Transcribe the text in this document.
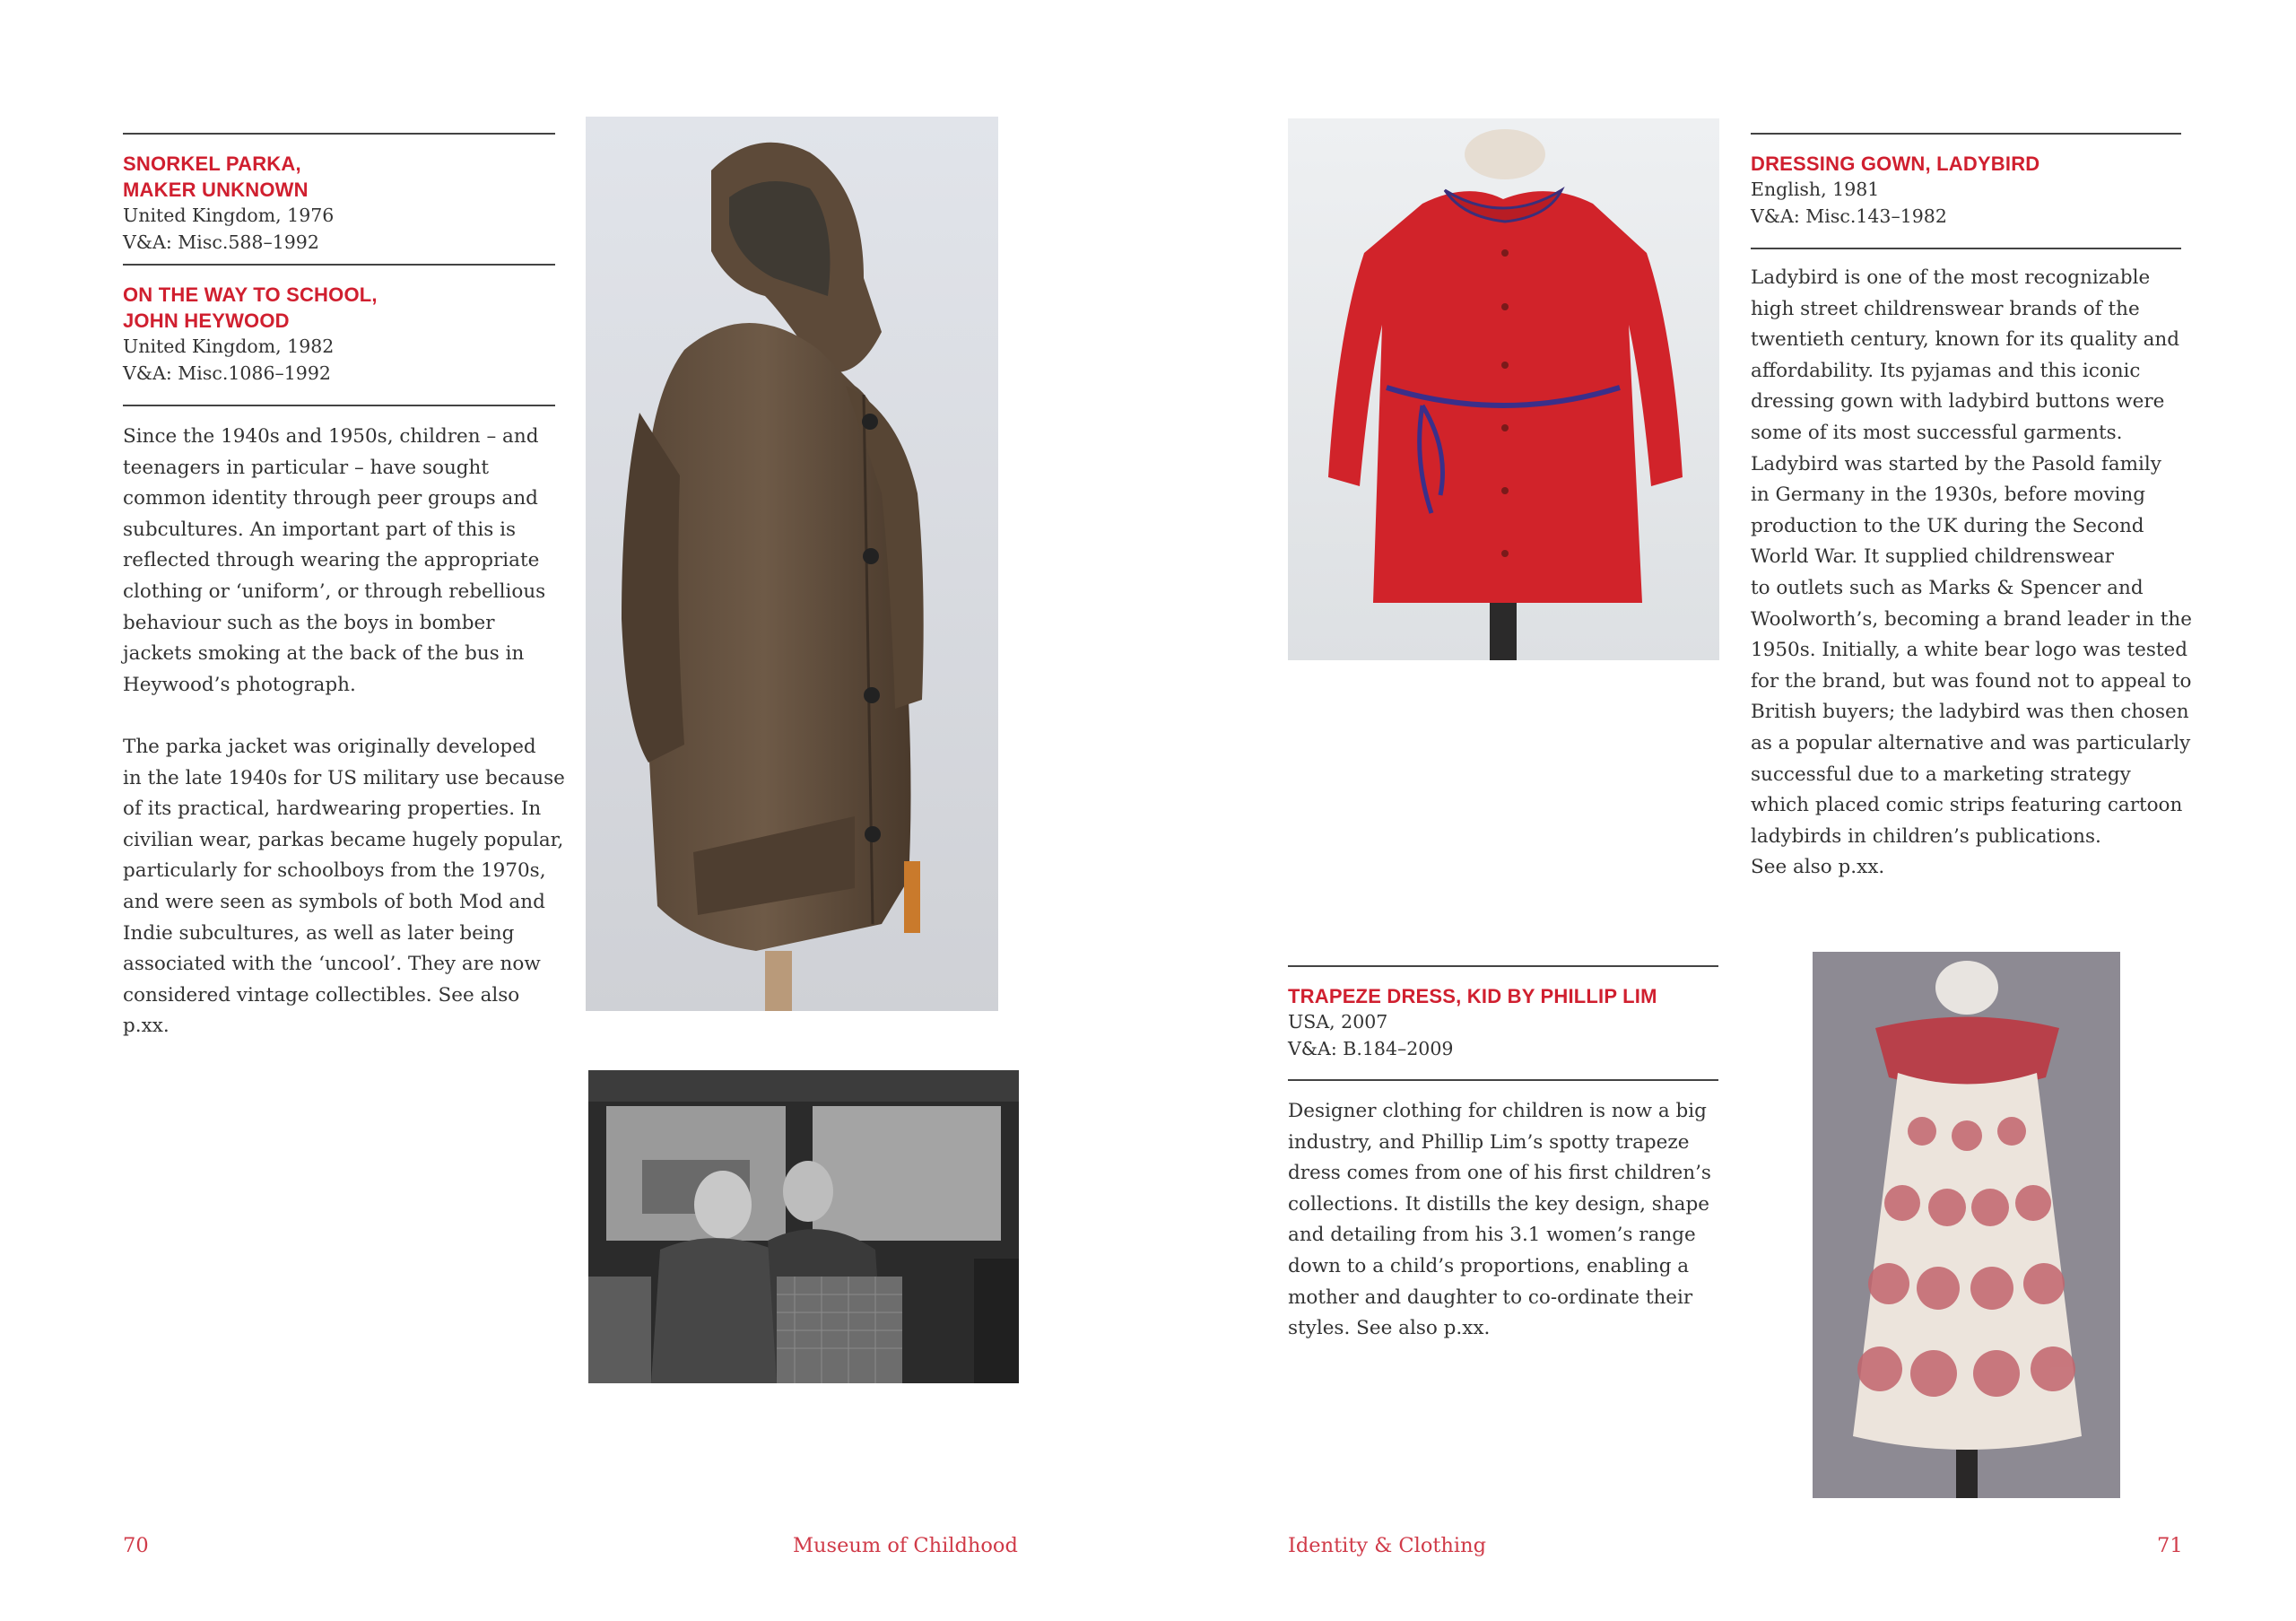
SNORKEL PARKA,
MAKER UNKNOWN
United Kingdom, 1976
V&A: Misc.588–1992
ON THE WAY TO SCHOOL,
JOHN HEYWOOD
United Kingdom, 1982
V&A: Misc.1086–1992
Since the 1940s and 1950s, children – and
teenagers in particular – have sought
common identity through peer groups and
subcultures. An important part of this is
reflected through wearing the appropriate
clothing or ‘uniform’, or through rebellious
behaviour such as the boys in bomber
jackets smoking at the back of the bus in
Heywood’s photograph.
The parka jacket was originally developed
in the late 1940s for US military use because
of its practical, hardwearing properties. In
civilian wear, parkas became hugely popular,
particularly for schoolboys from the 1970s,
and were seen as symbols of both Mod and
Indie subcultures, as well as later being
associated with the ‘uncool’. They are now
considered vintage collectibles. See also p.xx.
70	Museum of Childhood
DRESSING GOWN, LADYBIRD
English, 1981
V&A: Misc.143–1982
Ladybird is one of the most recognizable
high street childrenswear brands of the
twentieth century, known for its quality and
affordability. Its pyjamas and this iconic
dressing gown with ladybird buttons were
some of its most successful garments.
Ladybird was started by the Pasold family
in Germany in the 1930s, before moving
production to the UK during the Second
World War. It supplied childrenswear
to outlets such as Marks & Spencer and
Woolworth’s, becoming a brand leader in the
1950s. Initially, a white bear logo was tested
for the brand, but was found not to appeal to
British buyers; the ladybird was then chosen
as a popular alternative and was particularly
successful due to a marketing strategy
which placed comic strips featuring cartoon
ladybirds in children’s publications.
See also p.xx.
TRAPEZE DRESS, KID BY PHILLIP LIM
USA, 2007
V&A: B.184–2009
Designer clothing for children is now a big
industry, and Phillip Lim’s spotty trapeze
dress comes from one of his first children’s
collections. It distills the key design, shape
and detailing from his 3.1 women’s range
down to a child’s proportions, enabling a
mother and daughter to co-ordinate their
styles. See also p.xx.
Identity & Clothing	71
